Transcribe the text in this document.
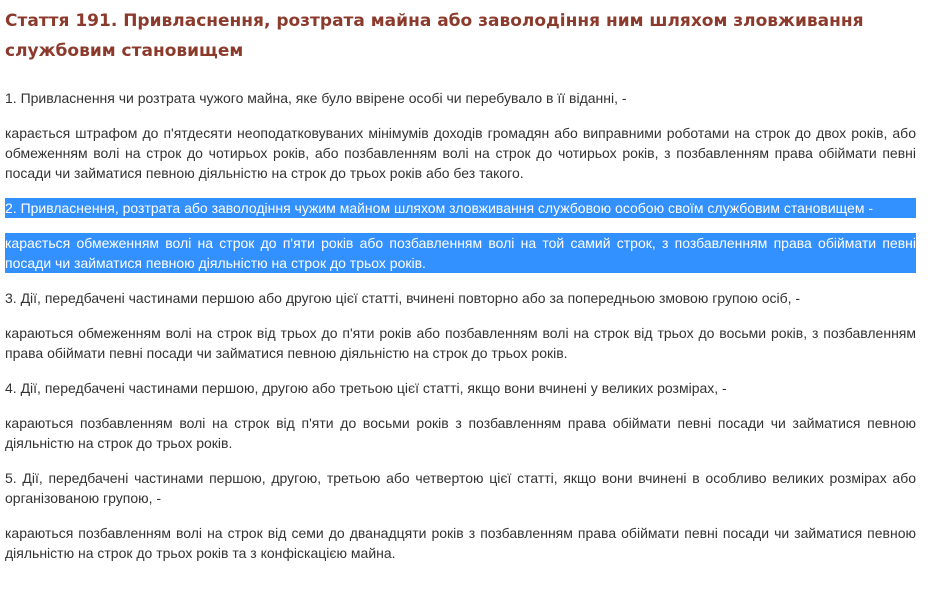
Стаття 191. Привласнення, розтрата майна або заволодіння ним шляхом зловживання службовим становищем

1. Привласнення чи розтрата чужого майна, яке було ввірене особі чи перебувало в її віданні, -

карається штрафом до п'ятдесяти неоподатковуваних мінімумів доходів громадян або виправними роботами на строк до двох років, або обмеженням волі на строк до чотирьох років, або позбавленням волі на строк до чотирьох років, з позбавленням права обіймати певні посади чи займатися певною діяльністю на строк до трьох років або без такого.

2. Привласнення, розтрата або заволодіння чужим майном шляхом зловживання службовою особою своїм службовим становищем -

карається обмеженням волі на строк до п'яти років або позбавленням волі на той самий строк, з позбавленням права обіймати певні посади чи займатися певною діяльністю на строк до трьох років.

3. Дії, передбачені частинами першою або другою цієї статті, вчинені повторно або за попередньою змовою групою осіб, -

караються обмеженням волі на строк від трьох до п'яти років або позбавленням волі на строк від трьох до восьми років, з позбавленням права обіймати певні посади чи займатися певною діяльністю на строк до трьох років.

4. Дії, передбачені частинами першою, другою або третьою цієї статті, якщо вони вчинені у великих розмірах, -

караються позбавленням волі на строк від п'яти до восьми років з позбавленням права обіймати певні посади чи займатися певною діяльністю на строк до трьох років.

5. Дії, передбачені частинами першою, другою, третьою або четвертою цієї статті, якщо вони вчинені в особливо великих розмірах або організованою групою, -

караються позбавленням волі на строк від семи до дванадцяти років з позбавленням права обіймати певні посади чи займатися певною діяльністю на строк до трьох років та з конфіскацією майна.
